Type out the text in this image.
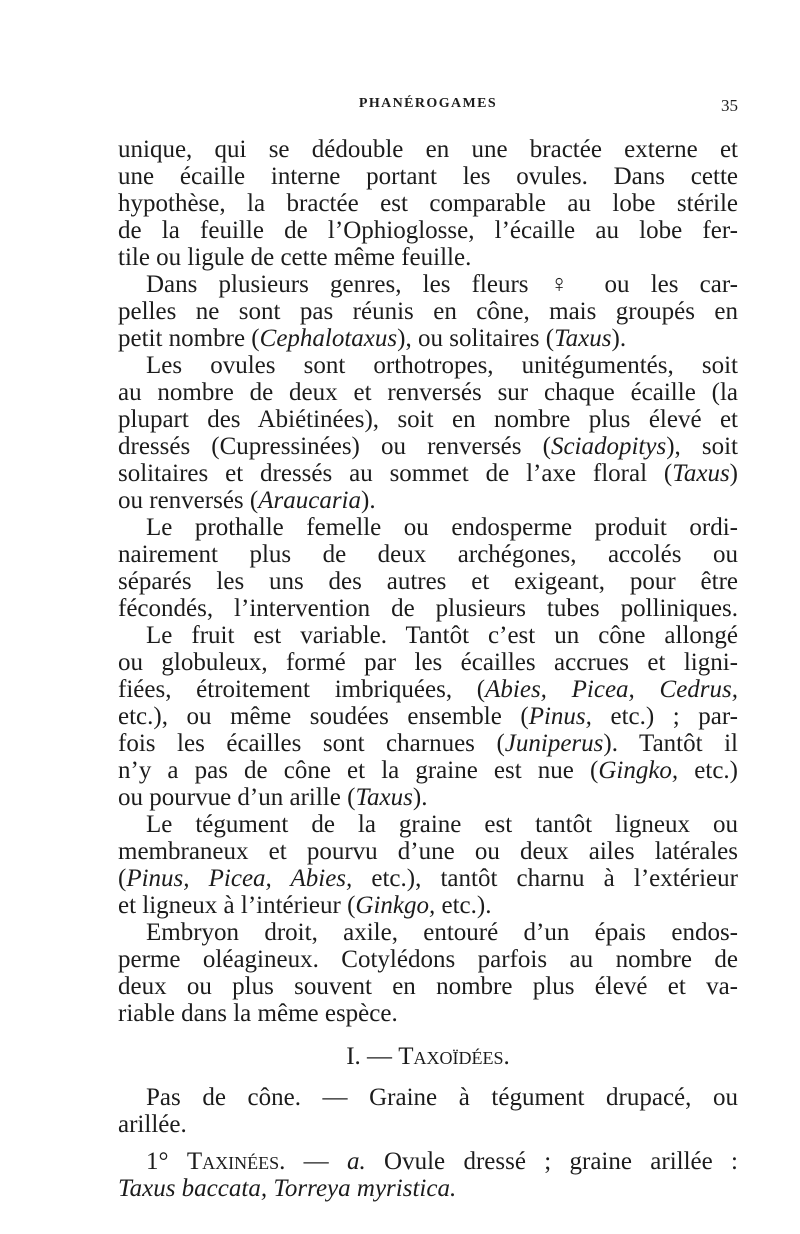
PHANÉROGAMES	35
unique, qui se dédouble en une bractée externe et
une écaille interne portant les ovules. Dans cette
hypothèse, la bractée est comparable au lobe stérile
de la feuille de l’Ophioglosse, l’écaille au lobe fer-
tile ou ligule de cette même feuille.
Dans plusieurs genres, les fleurs ♀ ou les car-
pelles ne sont pas réunis en cône, mais groupés en
petit nombre (Cephalotaxus), ou solitaires (Taxus).
Les ovules sont orthotropes, unitégumentés, soit
au nombre de deux et renversés sur chaque écaille (la
plupart des Abiétinées), soit en nombre plus élevé et
dressés (Cupressinées) ou renversés (Sciadopitys), soit
solitaires et dressés au sommet de l’axe floral (Taxus)
ou renversés (Araucaria).
Le prothalle femelle ou endosperme produit ordi-
nairement plus de deux archégones, accolés ou
séparés les uns des autres et exigeant, pour être
fécondés, l’intervention de plusieurs tubes polliniques.
Le fruit est variable. Tantôt c’est un cône allongé
ou globuleux, formé par les écailles accrues et ligni-
fiées, étroitement imbriquées, (Abies, Picea, Cedrus,
etc.), ou même soudées ensemble (Pinus, etc.) ; par-
fois les écailles sont charnues (Juniperus). Tantôt il
n’y a pas de cône et la graine est nue (Gingko, etc.)
ou pourvue d’un arille (Taxus).
Le tégument de la graine est tantôt ligneux ou
membraneux et pourvu d’une ou deux ailes latérales
(Pinus, Picea, Abies, etc.), tantôt charnu à l’extérieur
et ligneux à l’intérieur (Ginkgo, etc.).
Embryon droit, axile, entouré d’un épais endos-
perme oléagineux. Cotylédons parfois au nombre de
deux ou plus souvent en nombre plus élevé et va-
riable dans la même espèce.
I. — Taxoïdées.
Pas de cône. — Graine à tégument drupacé, ou
arillée.
1° Taxinées. — a. Ovule dressé ; graine arillée :
Taxus baccata, Torreya myristica.
